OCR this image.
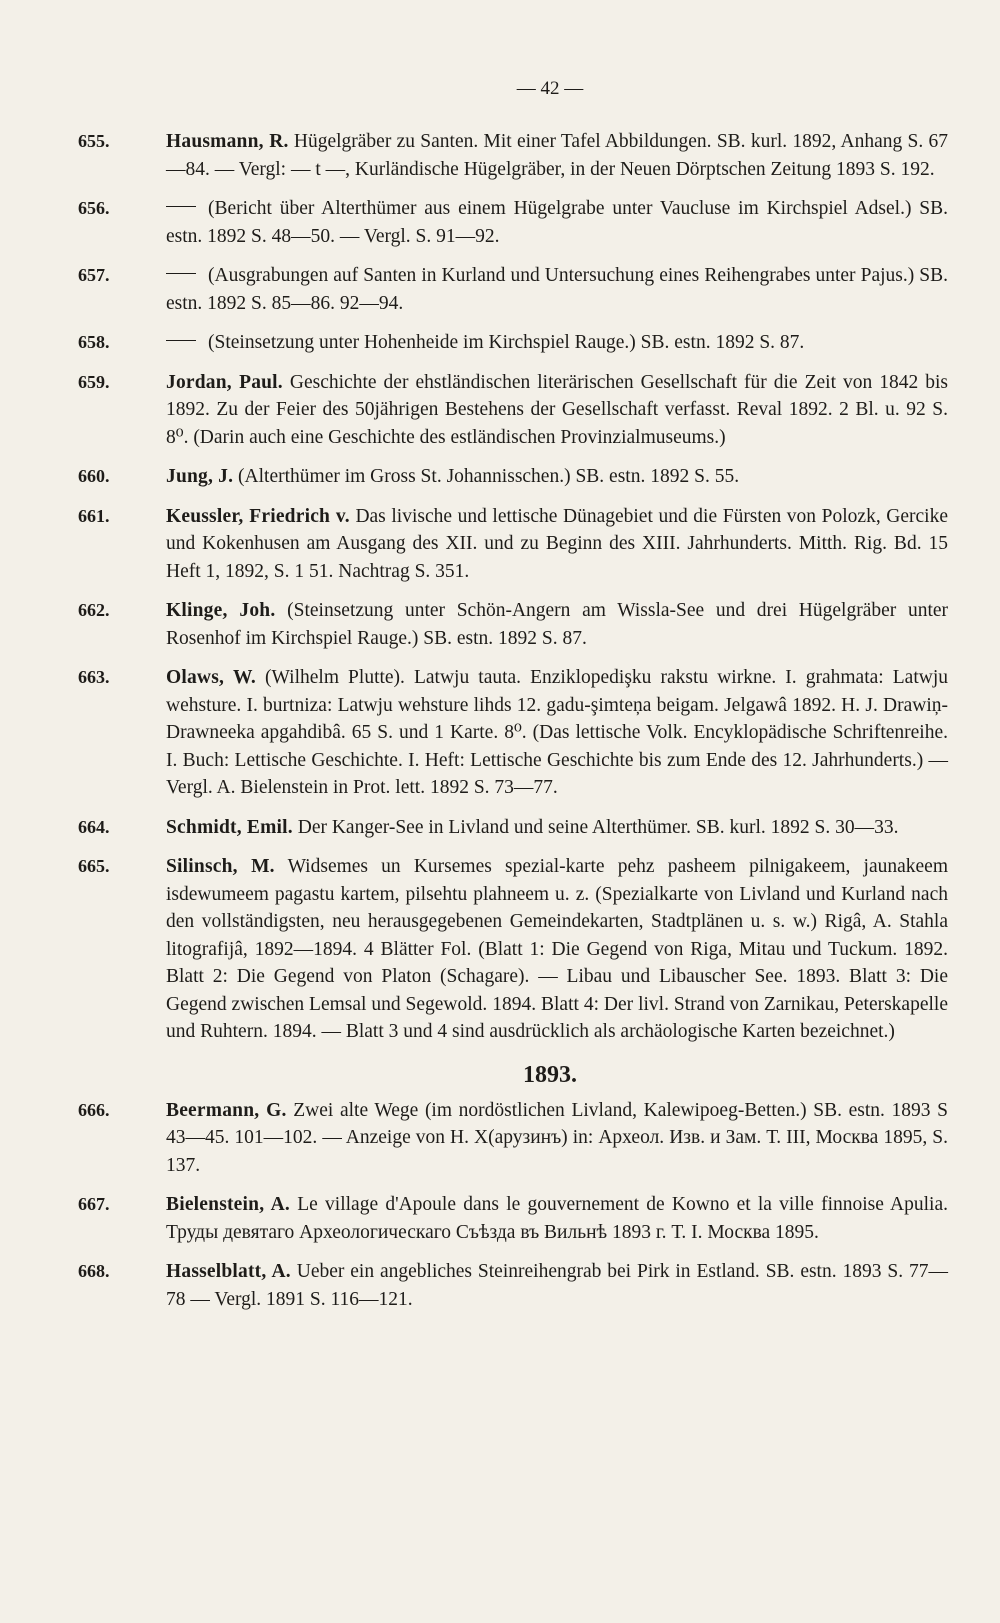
— 42 —
655.	Hausmann, R. Hügelgräber zu Santen. Mit einer Tafel Abbildungen. SB. kurl. 1892, Anhang S. 67—84. — Vergl: — t —, Kurländische Hügelgräber, in der Neuen Dörptschen Zeitung 1893 S. 192.
656.	(Bericht über Alterthümer aus einem Hügelgrabe unter Vaucluse im Kirchspiel Adsel.) SB. estn. 1892 S. 48—50. — Vergl. S. 91—92.
657.	(Ausgrabungen auf Santen in Kurland und Untersuchung eines Reihengrabes unter Pajus.) SB. estn. 1892 S. 85—86. 92—94.
658.	(Steinsetzung unter Hohenheide im Kirchspiel Rauge.) SB. estn. 1892 S. 87.
659.	Jordan, Paul. Geschichte der ehstländischen literärischen Gesellschaft für die Zeit von 1842 bis 1892. Zu der Feier des 50jährigen Bestehens der Gesellschaft verfasst. Reval 1892. 2 Bl. u. 92 S. 8⁰. (Darin auch eine Geschichte des estländischen Provinzialmuseums.)
660.	Jung, J. (Alterthümer im Gross St. Johannisschen.) SB. estn. 1892 S. 55.
661.	Keussler, Friedrich v. Das livische und lettische Dünagebiet und die Fürsten von Polozk, Gercike und Kokenhusen am Ausgang des XII. und zu Beginn des XIII. Jahrhunderts. Mitth. Rig. Bd. 15 Heft 1, 1892, S. 1 51. Nachtrag S. 351.
662.	Klinge, Joh. (Steinsetzung unter Schön-Angern am Wissla-See und drei Hügelgräber unter Rosenhof im Kirchspiel Rauge.) SB. estn. 1892 S. 87.
663.	Olaws, W. (Wilhelm Plutte). Latwju tauta. Enziklopedişku rakstu wirkne. I. grahmata: Latwju wehsture. I. burtniza: Latwju wehsture lihds 12. gadu-şimteņa beigam. Jelgawâ 1892. H. J. Drawiņ-Drawneeka apgahdibâ. 65 S. und 1 Karte. 8⁰. (Das lettische Volk. Encyklopädische Schriftenreihe. I. Buch: Lettische Geschichte. I. Heft: Lettische Geschichte bis zum Ende des 12. Jahrhunderts.) — Vergl. A. Bielenstein in Prot. lett. 1892 S. 73—77.
664.	Schmidt, Emil. Der Kanger-See in Livland und seine Alterthümer. SB. kurl. 1892 S. 30—33.
665.	Silinsch, M. Widsemes un Kursemes spezial-karte pehz pasheem pilnigakeem, jaunakeem isdewumeem pagastu kartem, pilsehtu plahneem u. z. (Spezialkarte von Livland und Kurland nach den vollständigsten, neu herausgegebenen Gemeindekarten, Stadtplänen u. s. w.) Rigâ, A. Stahla litografijâ, 1892—1894. 4 Blätter Fol. (Blatt 1: Die Gegend von Riga, Mitau und Tuckum. 1892. Blatt 2: Die Gegend von Platon (Schagare). — Libau und Libauscher See. 1893. Blatt 3: Die Gegend zwischen Lemsal und Segewold. 1894. Blatt 4: Der livl. Strand von Zarnikau, Peterskapelle und Ruhtern. 1894. — Blatt 3 und 4 sind ausdrücklich als archäologische Karten bezeichnet.)
1893.
666.	Beermann, G. Zwei alte Wege (im nordöstlichen Livland, Kalewipoeg-Betten.) SB. estn. 1893 S 43—45. 101—102. — Anzeige von H. Х(арузинъ) in: Археол. Изв. и Зам. Т. III, Москва 1895, S. 137.
667.	Bielenstein, A. Le village d'Apoule dans le gouvernement de Kowno et la ville finnoise Apulia. Труды девятаго Археологическаго Съѣзда въ Вильнѣ 1893 г. Т. I. Москва 1895.
668.	Hasselblatt, A. Ueber ein angebliches Steinreihengrab bei Pirk in Estland. SB. estn. 1893 S. 77—78 — Vergl. 1891 S. 116—121.
